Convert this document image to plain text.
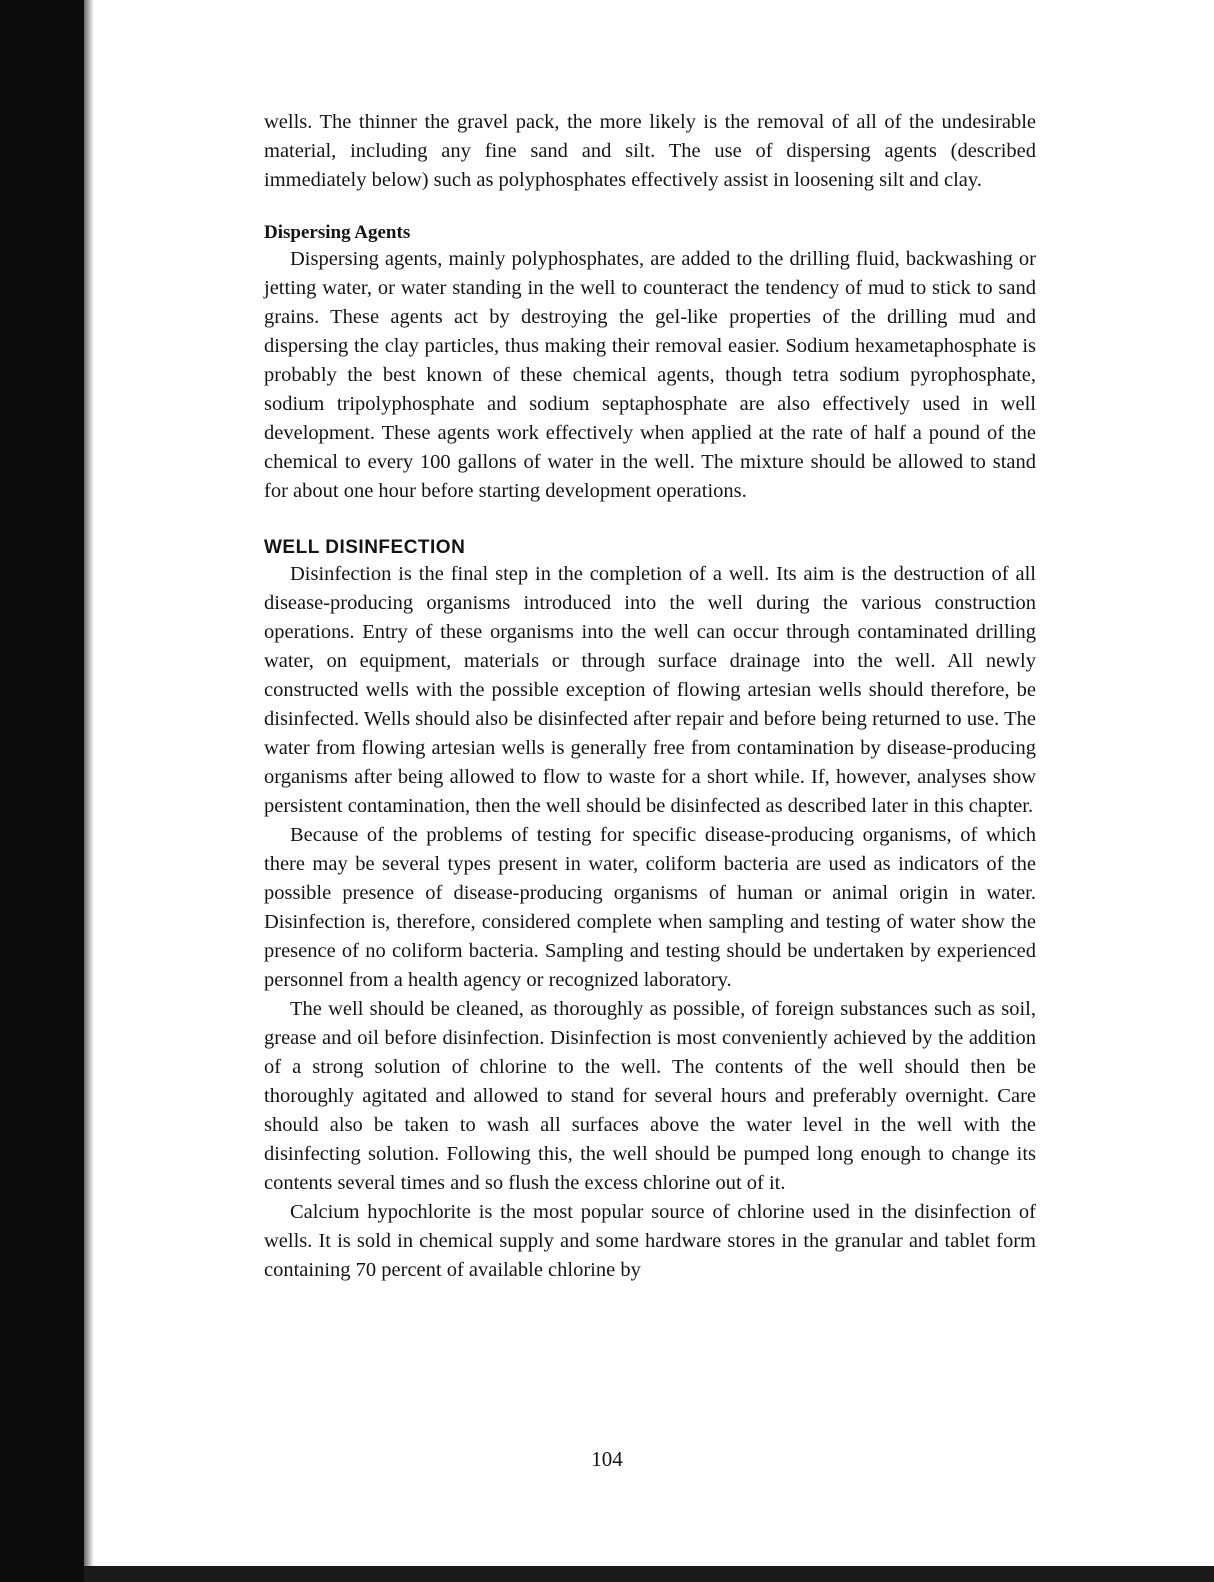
wells. The thinner the gravel pack, the more likely is the removal of all of the undesirable material, including any fine sand and silt. The use of dispersing agents (described immediately below) such as polyphosphates effectively assist in loosening silt and clay.

Dispersing Agents

Dispersing agents, mainly polyphosphates, are added to the drilling fluid, backwashing or jetting water, or water standing in the well to counteract the tendency of mud to stick to sand grains. These agents act by destroying the gel-like properties of the drilling mud and dispersing the clay particles, thus making their removal easier. Sodium hexametaphosphate is probably the best known of these chemical agents, though tetra sodium pyrophosphate, sodium tripolyphosphate and sodium septaphosphate are also effectively used in well development. These agents work effectively when applied at the rate of half a pound of the chemical to every 100 gallons of water in the well. The mixture should be allowed to stand for about one hour before starting development operations.

WELL DISINFECTION

Disinfection is the final step in the completion of a well. Its aim is the destruction of all disease-producing organisms introduced into the well during the various construction operations. Entry of these organisms into the well can occur through contaminated drilling water, on equipment, materials or through surface drainage into the well. All newly constructed wells with the possible exception of flowing artesian wells should therefore, be disinfected. Wells should also be disinfected after repair and before being returned to use. The water from flowing artesian wells is generally free from contamination by disease-producing organisms after being allowed to flow to waste for a short while. If, however, analyses show persistent contamination, then the well should be disinfected as described later in this chapter.

Because of the problems of testing for specific disease-producing organisms, of which there may be several types present in water, coliform bacteria are used as indicators of the possible presence of disease-producing organisms of human or animal origin in water. Disinfection is, therefore, considered complete when sampling and testing of water show the presence of no coliform bacteria. Sampling and testing should be undertaken by experienced personnel from a health agency or recognized laboratory.

The well should be cleaned, as thoroughly as possible, of foreign substances such as soil, grease and oil before disinfection. Disinfection is most conveniently achieved by the addition of a strong solution of chlorine to the well. The contents of the well should then be thoroughly agitated and allowed to stand for several hours and preferably overnight. Care should also be taken to wash all surfaces above the water level in the well with the disinfecting solution. Following this, the well should be pumped long enough to change its contents several times and so flush the excess chlorine out of it.

Calcium hypochlorite is the most popular source of chlorine used in the disinfection of wells. It is sold in chemical supply and some hardware stores in the granular and tablet form containing 70 percent of available chlorine by

104
